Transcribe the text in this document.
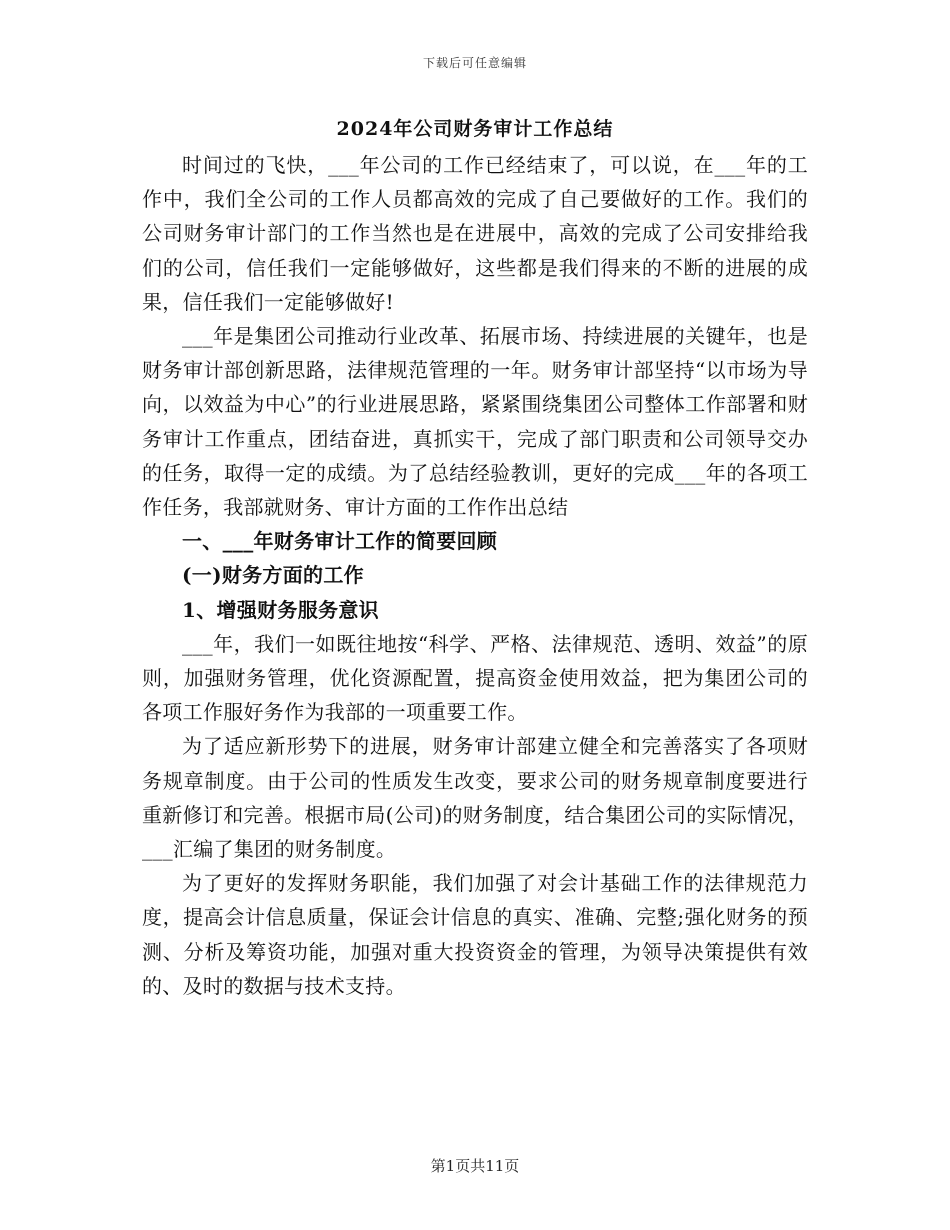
下载后可任意编辑
2024年公司财务审计工作总结

时间过的飞快，___年公司的工作已经结束了，可以说，在___年的工作中，我们全公司的工作人员都高效的完成了自己要做好的工作。我们的公司财务审计部门的工作当然也是在进展中，高效的完成了公司安排给我们的公司，信任我们一定能够做好，这些都是我们得来的不断的进展的成果，信任我们一定能够做好!

___年是集团公司推动行业改革、拓展市场、持续进展的关键年，也是财务审计部创新思路，法律规范管理的一年。财务审计部坚持“以市场为导向，以效益为中心”的行业进展思路，紧紧围绕集团公司整体工作部署和财务审计工作重点，团结奋进，真抓实干，完成了部门职责和公司领导交办的任务，取得一定的成绩。为了总结经验教训，更好的完成___年的各项工作任务，我部就财务、审计方面的工作作出总结

一、___年财务审计工作的简要回顾

(一)财务方面的工作

1、增强财务服务意识

___年，我们一如既往地按“科学、严格、法律规范、透明、效益”的原则，加强财务管理，优化资源配置，提高资金使用效益，把为集团公司的各项工作服好务作为我部的一项重要工作。

为了适应新形势下的进展，财务审计部建立健全和完善落实了各项财务规章制度。由于公司的性质发生改变，要求公司的财务规章制度要进行重新修订和完善。根据市局(公司)的财务制度，结合集团公司的实际情况，___汇编了集团的财务制度。

为了更好的发挥财务职能，我们加强了对会计基础工作的法律规范力度，提高会计信息质量，保证会计信息的真实、准确、完整;强化财务的预测、分析及筹资功能，加强对重大投资资金的管理，为领导决策提供有效的、及时的数据与技术支持。

第1页共11页
